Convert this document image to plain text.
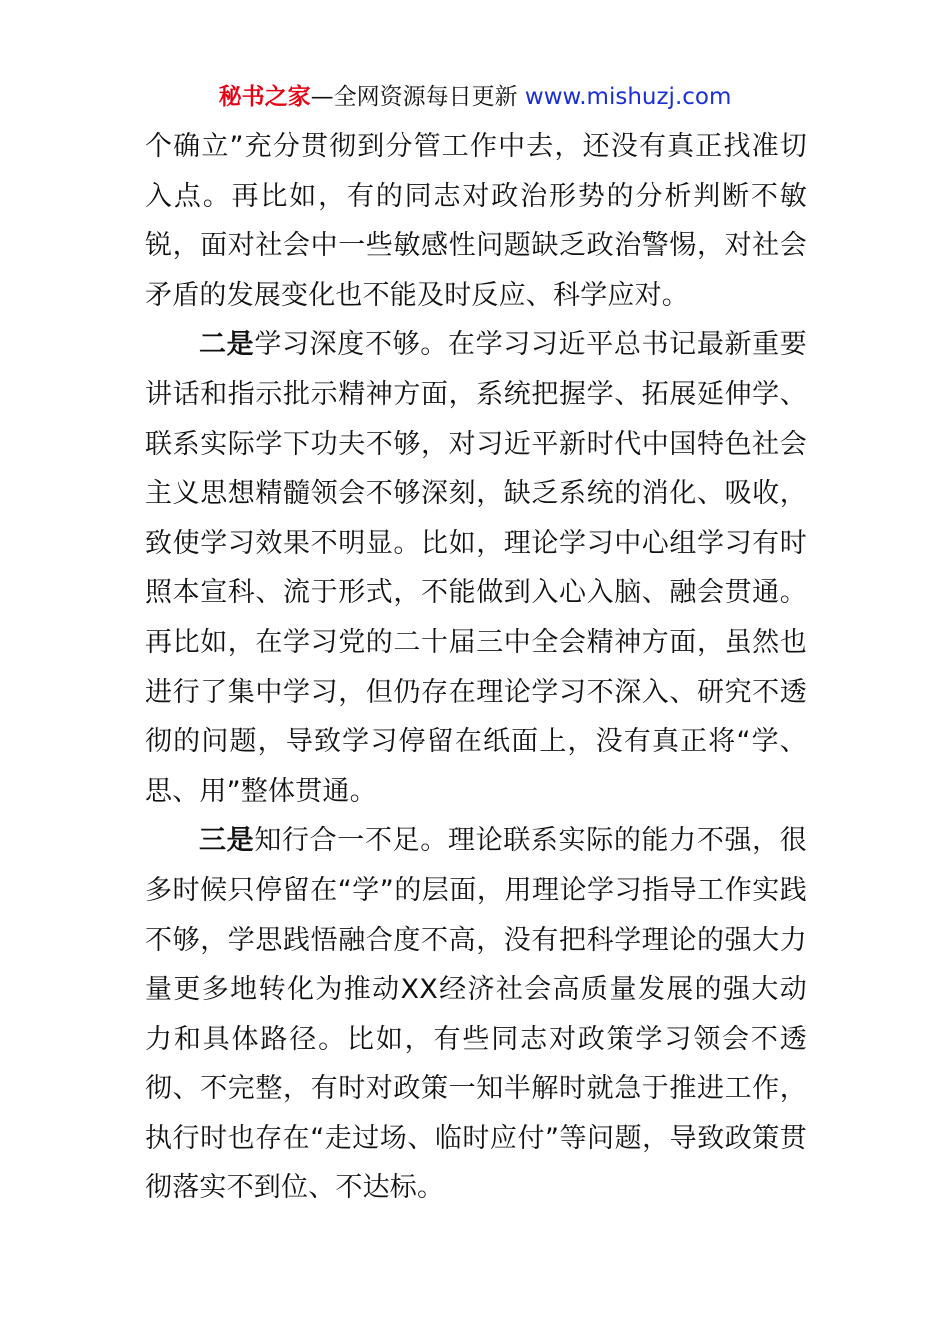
秘书之家—全网资源每日更新 www.mishuzj.com

个确立”充分贯彻到分管工作中去，还没有真正找准切入点。再比如，有的同志对政治形势的分析判断不敏锐，面对社会中一些敏感性问题缺乏政治警惕，对社会矛盾的发展变化也不能及时反应、科学应对。

二是学习深度不够。在学习习近平总书记最新重要讲话和指示批示精神方面，系统把握学、拓展延伸学、联系实际学下功夫不够，对习近平新时代中国特色社会主义思想精髓领会不够深刻，缺乏系统的消化、吸收，致使学习效果不明显。比如，理论学习中心组学习有时照本宣科、流于形式，不能做到入心入脑、融会贯通。再比如，在学习党的二十届三中全会精神方面，虽然也进行了集中学习，但仍存在理论学习不深入、研究不透彻的问题，导致学习停留在纸面上，没有真正将“学、思、用”整体贯通。

三是知行合一不足。理论联系实际的能力不强，很多时候只停留在“学”的层面，用理论学习指导工作实践不够，学思践悟融合度不高，没有把科学理论的强大力量更多地转化为推动XX经济社会高质量发展的强大动力和具体路径。比如，有些同志对政策学习领会不透彻、不完整，有时对政策一知半解时就急于推进工作，执行时也存在“走过场、临时应付”等问题，导致政策贯彻落实不到位、不达标。
